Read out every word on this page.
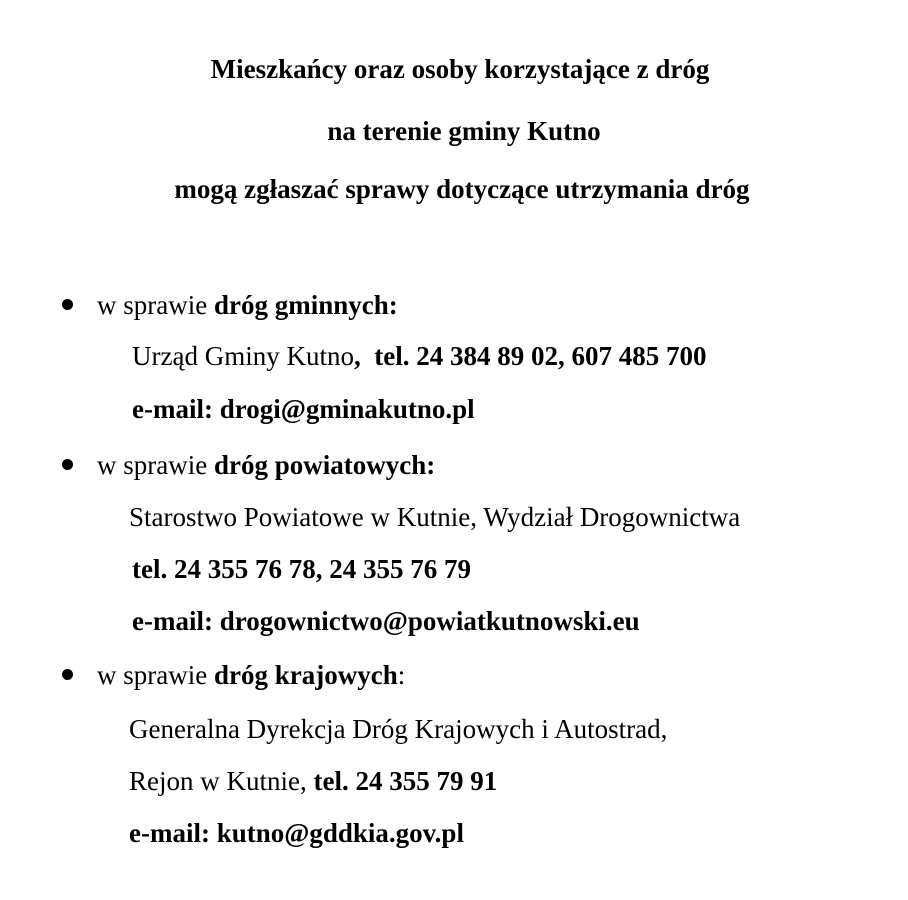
Mieszkańcy oraz osoby korzystające z dróg
na terenie gminy Kutno
mogą zgłaszać sprawy dotyczące utrzymania dróg
w sprawie dróg gminnych:
Urząd Gminy Kutno,  tel. 24 384 89 02, 607 485 700
e-mail: drogi@gminakutno.pl
w sprawie dróg powiatowych:
Starostwo Powiatowe w Kutnie, Wydział Drogownictwa
tel. 24 355 76 78, 24 355 76 79
e-mail: drogownictwo@powiatkutnowski.eu
w sprawie dróg krajowych:
Generalna Dyrekcja Dróg Krajowych i Autostrad,
Rejon w Kutnie, tel. 24 355 79 91
e-mail: kutno@gddkia.gov.pl
